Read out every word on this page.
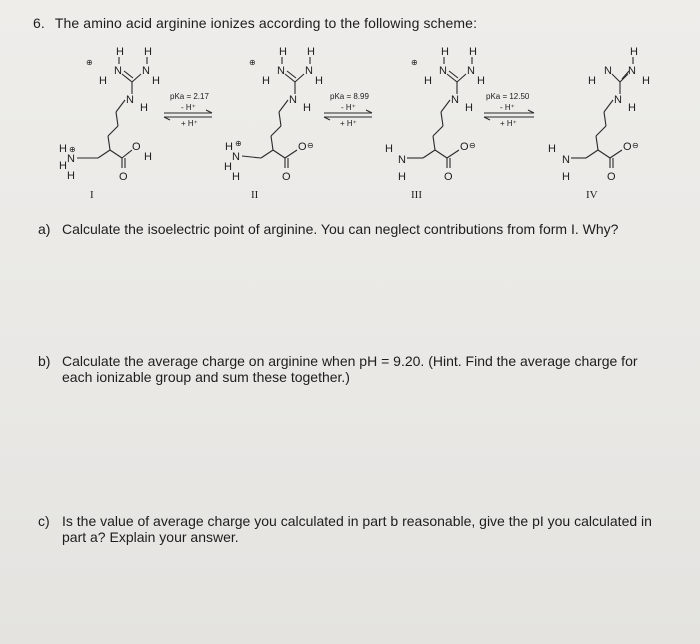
6. The amino acid arginine ionizes according to the following scheme:
⊕
H H
N N
H	H
N
H
H ⊕
N
H
H
O
H
O
I
pKa = 2.17
- H⁺
+ H⁺
⊕
H H
N N
H	H
N
H
H ⊕
N
H
H
O ⊖
O
II
pKa = 8.99
- H⁺
+ H⁺
⊕
H H
N N
H	H
N
H
H
N
H
O ⊖
O
III
pKa = 12.50
- H⁺
+ H⁺
H
N N
H	H
N
H
H
N
H
O ⊖
O
IV
a) Calculate the isoelectric point of arginine. You can neglect contributions from form I. Why?
b) Calculate the average charge on arginine when pH = 9.20. (Hint. Find the average charge for
each ionizable group and sum these together.)
c) Is the value of average charge you calculated in part b reasonable, give the pI you calculated in
part a? Explain your answer.
